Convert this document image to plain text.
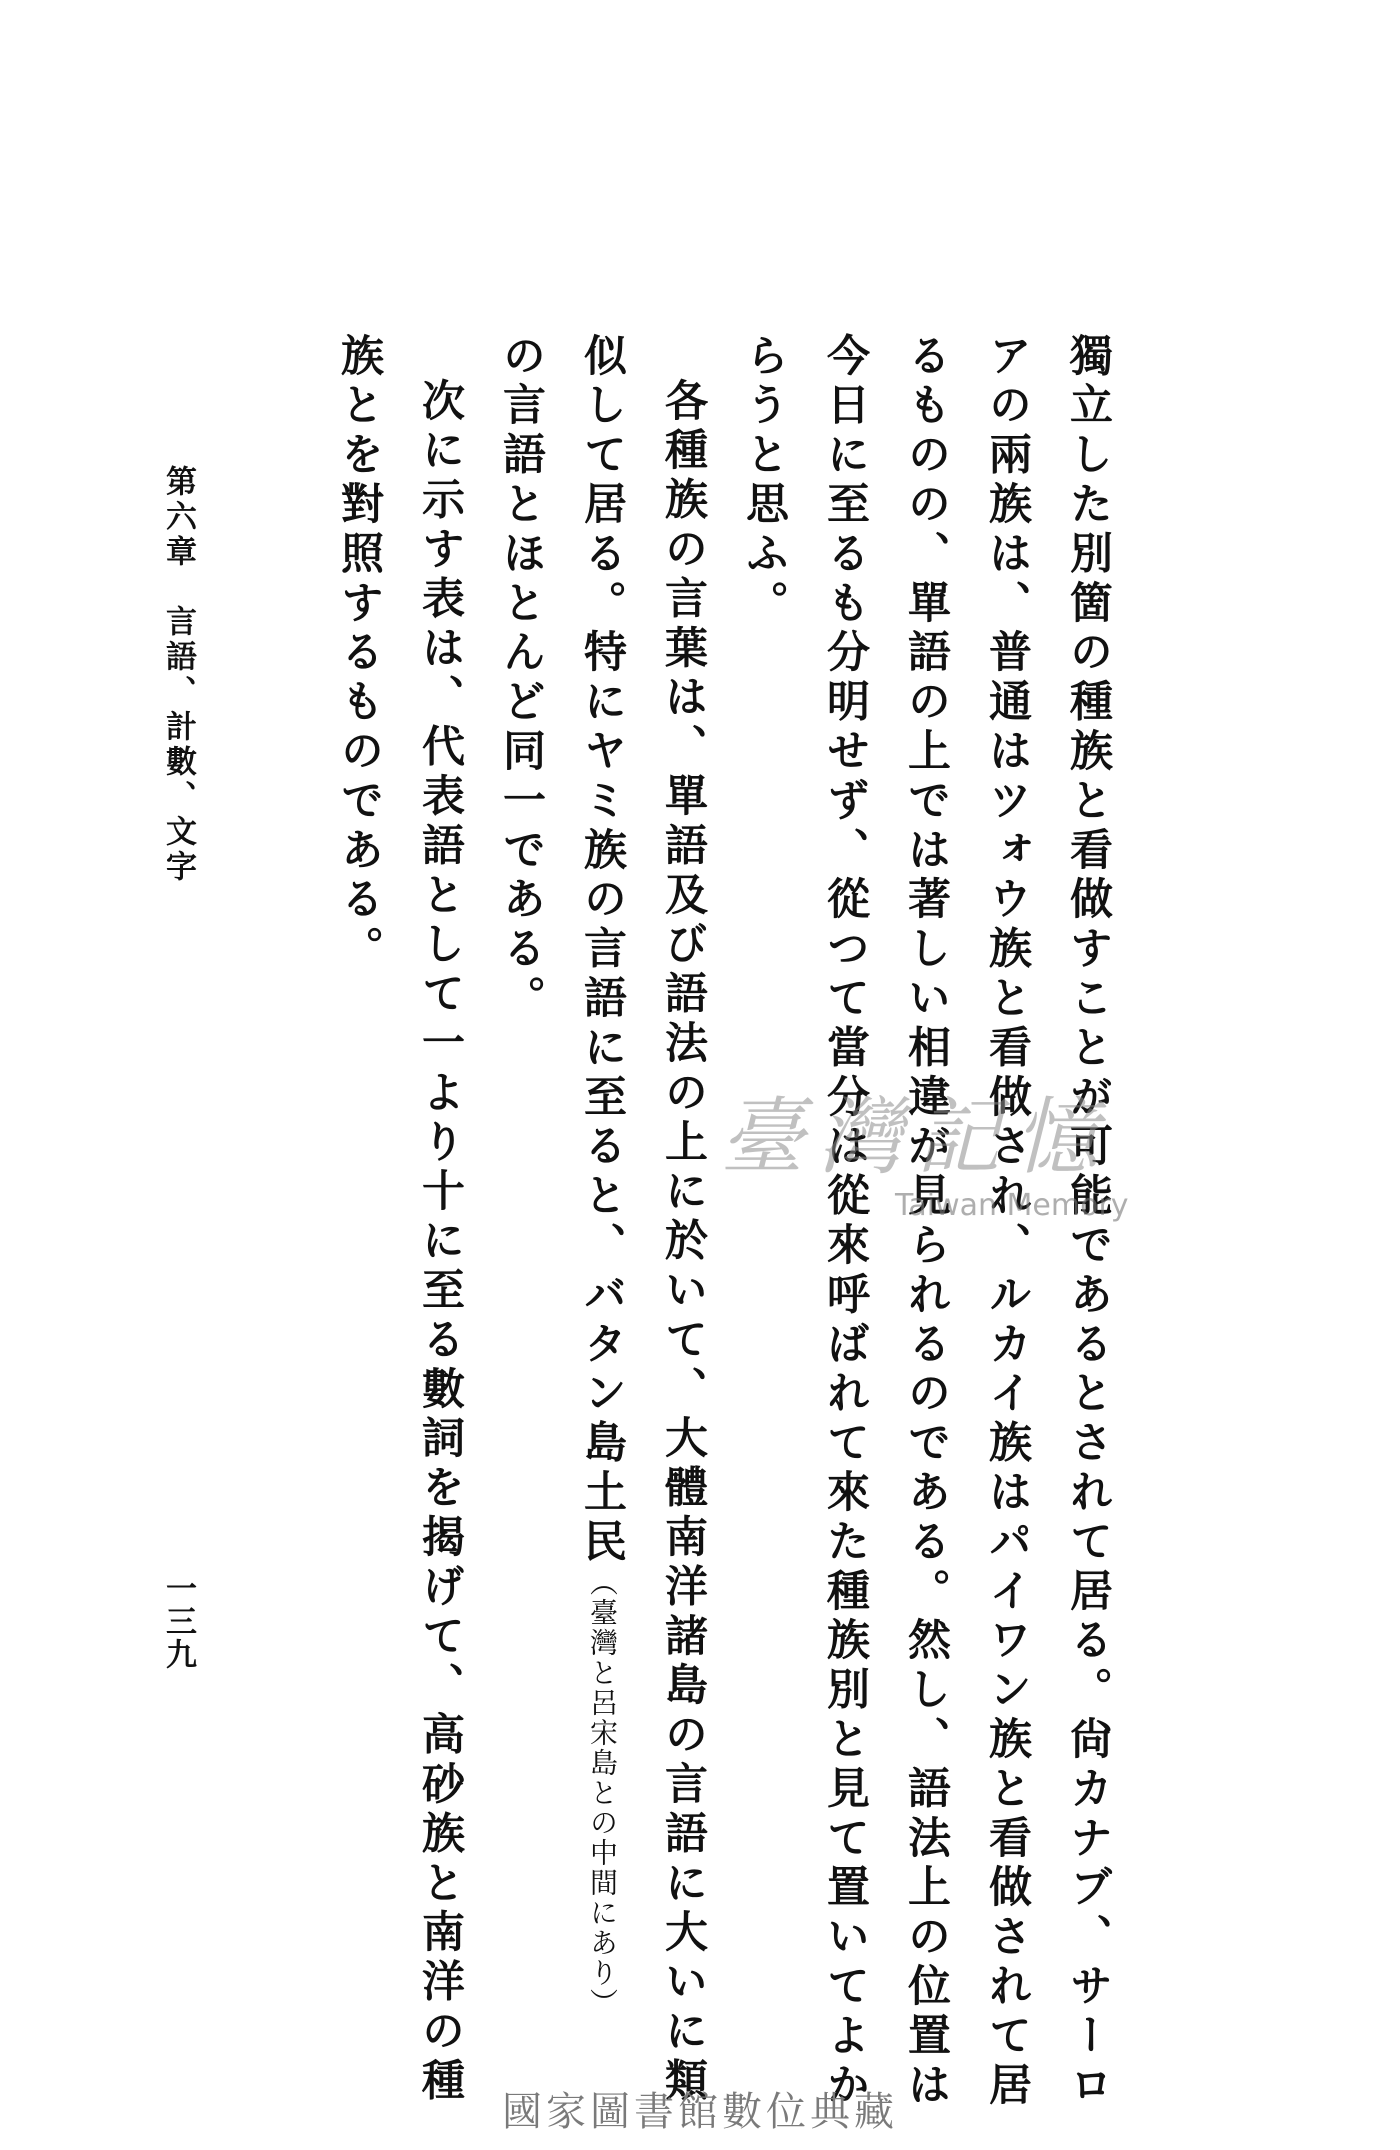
獨立した別箇の種族と看做すことが可能であるとされて居る。尙カナブ、サーロ
アの兩族は、普通はツォウ族と看做され、ルカイ族はパイワン族と看做されて居
るものの、單語の上では著しい相違が見られるのである。然し、語法上の位置は
今日に至るも分明せず、從つて當分は從來呼ばれて來た種族別と見て置いてよか
らうと思ふ。
各種族の言葉は、單語及び語法の上に於いて、大體南洋諸島の言語に大いに類
似して居る。特にヤミ族の言語に至ると、バタン島土民（臺灣と呂宋島との中間にあり）
の言語とほとんど同一である。
次に示す表は、代表語として一より十に至る數詞を揭げて、高砂族と南洋の種
族とを對照するものである。
第六章　言語、計數、文字
一三九
臺灣記憶
Taiwan Memory
國家圖書館數位典藏
